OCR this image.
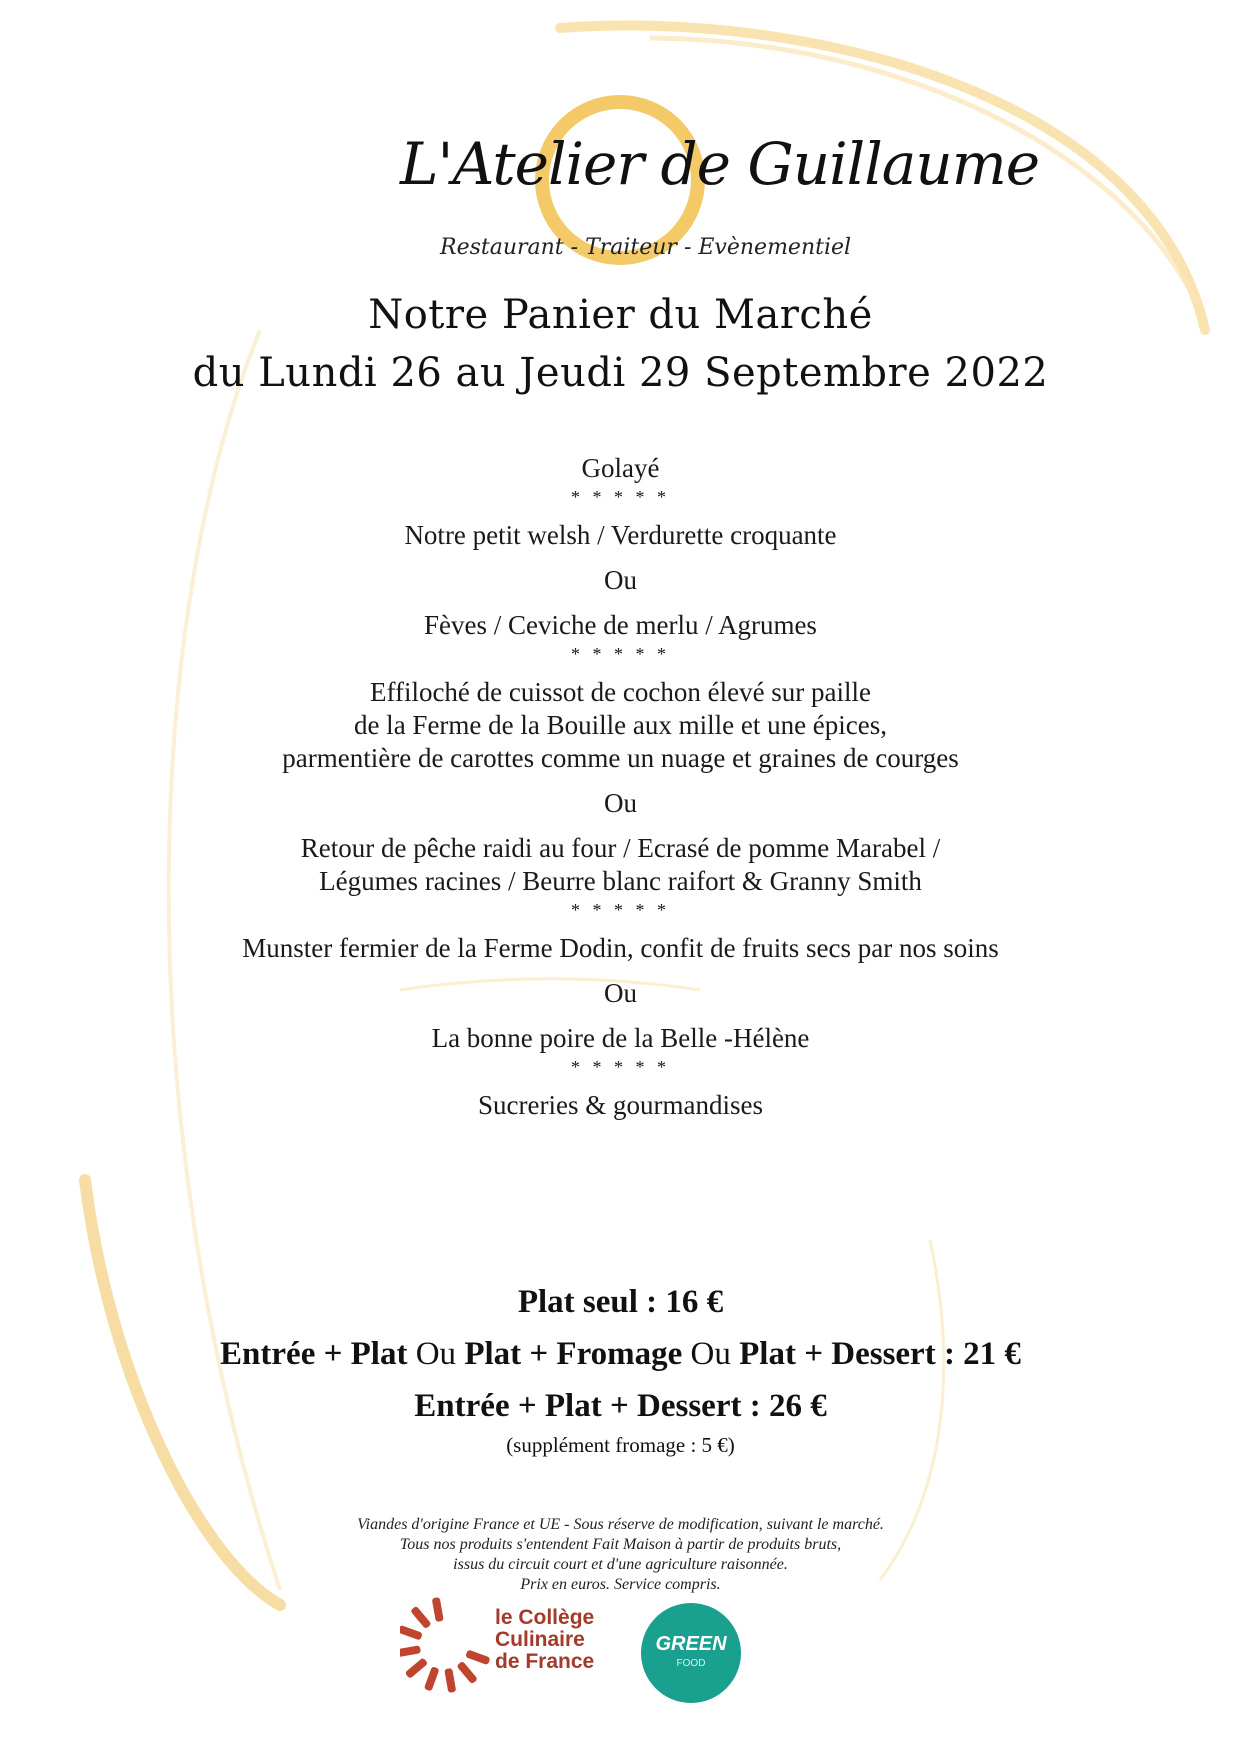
L'Atelier de Guillaume
Restaurant - Traiteur - Evènementiel
Notre Panier du Marché
du Lundi 26 au Jeudi 29 Septembre 2022
Golayé
* * * * *
Notre petit welsh / Verdurette croquante
Ou
Fèves / Ceviche de merlu / Agrumes
* * * * *
Effiloché de cuissot de cochon élevé sur paille
de la Ferme de la Bouille aux mille et une épices,
parmentière de carottes comme un nuage et graines de courges
Ou
Retour de pêche raidi au four / Ecrasé de pomme Marabel /
Légumes racines / Beurre blanc raifort & Granny Smith
* * * * *
Munster fermier de la Ferme Dodin, confit de fruits secs par nos soins
Ou
La bonne poire de la Belle -Hélène
* * * * *
Sucreries & gourmandises
Plat seul : 16 €
Entrée + Plat Ou Plat + Fromage Ou Plat + Dessert : 21 €
Entrée + Plat + Dessert : 26 €
(supplément fromage : 5 €)
Viandes d'origine France et UE - Sous réserve de modification, suivant le marché.
Tous nos produits s'entendent Fait Maison à partir de produits bruts,
issus du circuit court et d'une agriculture raisonnée.
Prix en euros. Service compris.
le Collège
Culinaire
de France
GREEN
FOOD
